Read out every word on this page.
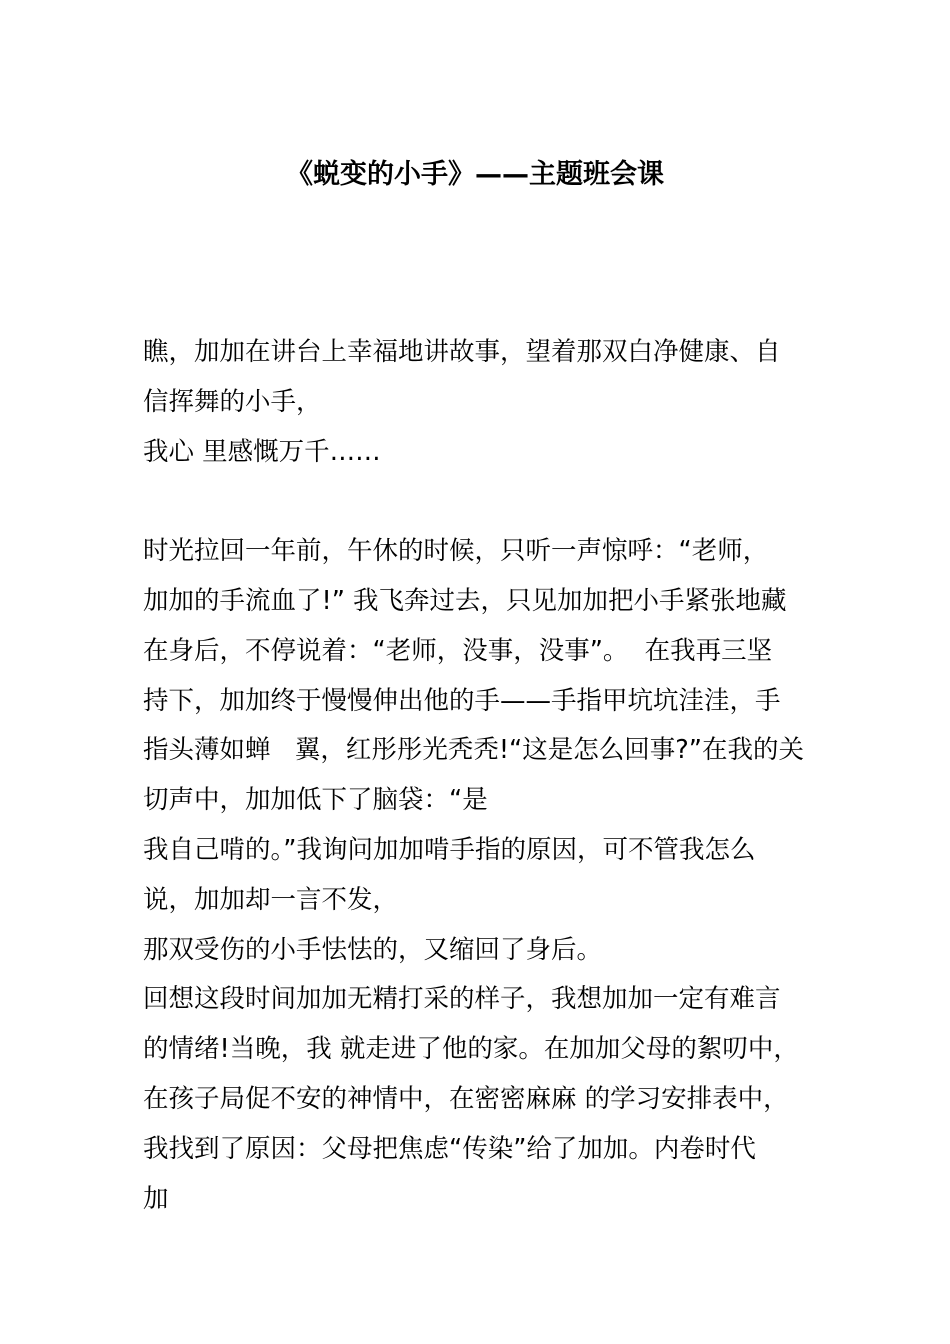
《蜕变的小手》——主题班会课
瞧，加加在讲台上幸福地讲故事，望着那双白净健康、自
信挥舞的小手，
我心 里感慨万千……
时光拉回一年前，午休的时候，只听一声惊呼：“老师，
加加的手流血了!” 我飞奔过去，只见加加把小手紧张地藏
在身后，不停说着：“老师，没事，没事”。  在我再三坚
持下，加加终于慢慢伸出他的手——手指甲坑坑洼洼，手
指头薄如蝉   翼，红彤彤光秃秃!“这是怎么回事?”在我的关
切声中，加加低下了脑袋：“是
我自己啃的。”我询问加加啃手指的原因，可不管我怎么
说，加加却一言不发，
那双受伤的小手怯怯的，又缩回了身后。
回想这段时间加加无精打采的样子，我想加加一定有难言
的情绪!当晚，我 就走进了他的家。在加加父母的絮叨中，
在孩子局促不安的神情中，在密密麻麻 的学习安排表中，
我找到了原因：父母把焦虑“传染”给了加加。内卷时代
加
